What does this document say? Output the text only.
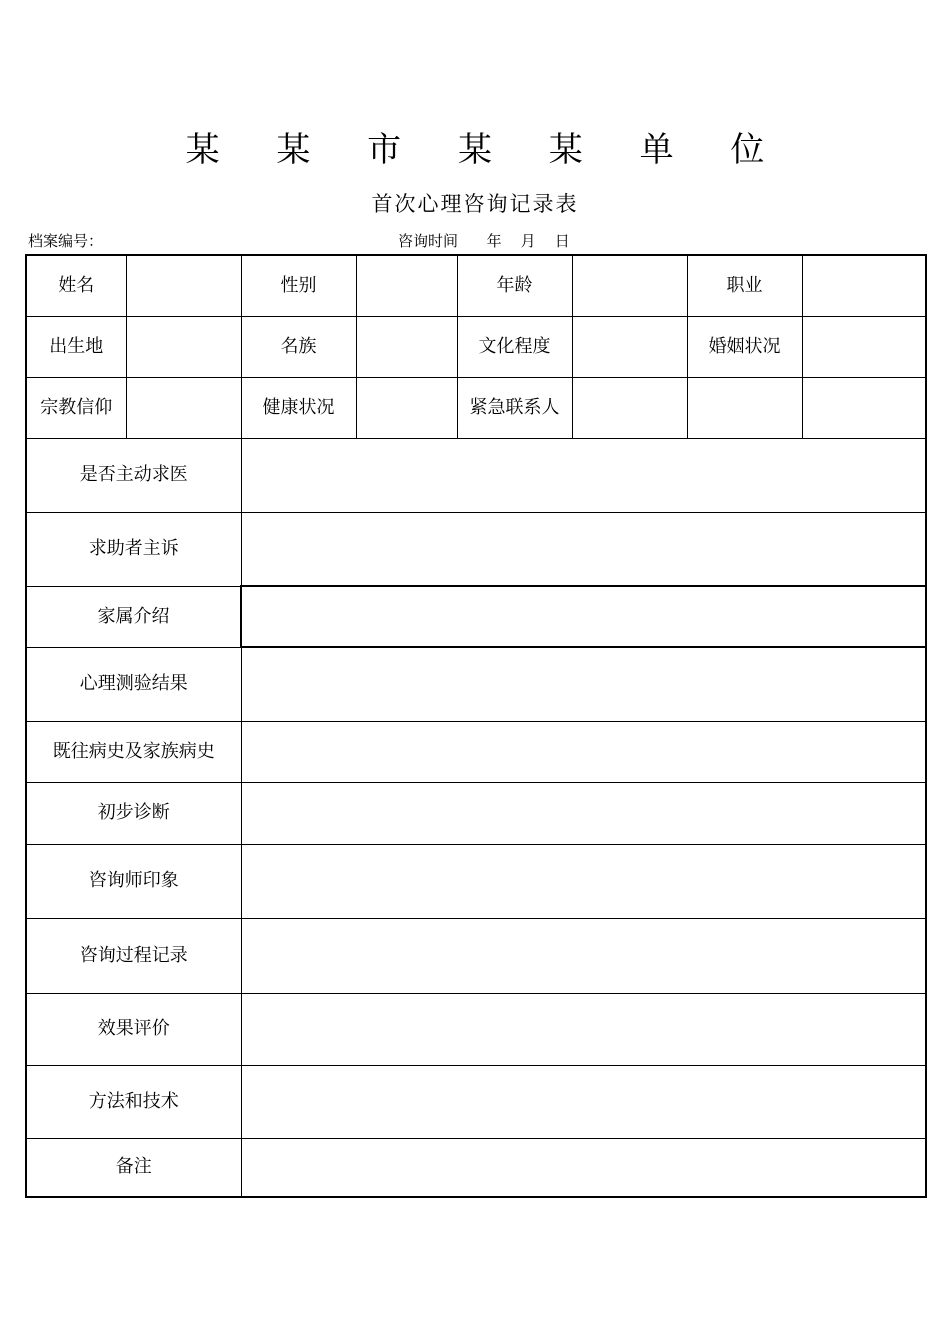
某 某 市 某 某 单 位
首次心理咨询记录表
档案编号：	咨询时间      年    月    日
姓名		性别		年龄		职业	
出生地		名族		文化程度		婚姻状况	
宗教信仰		健康状况		紧急联系人			
是否主动求医							
求助者主诉							
家属介绍							
心理测验结果							
既往病史及家族病史							
初步诊断							
咨询师印象							
咨询过程记录							
效果评价							
方法和技术							
备注							
